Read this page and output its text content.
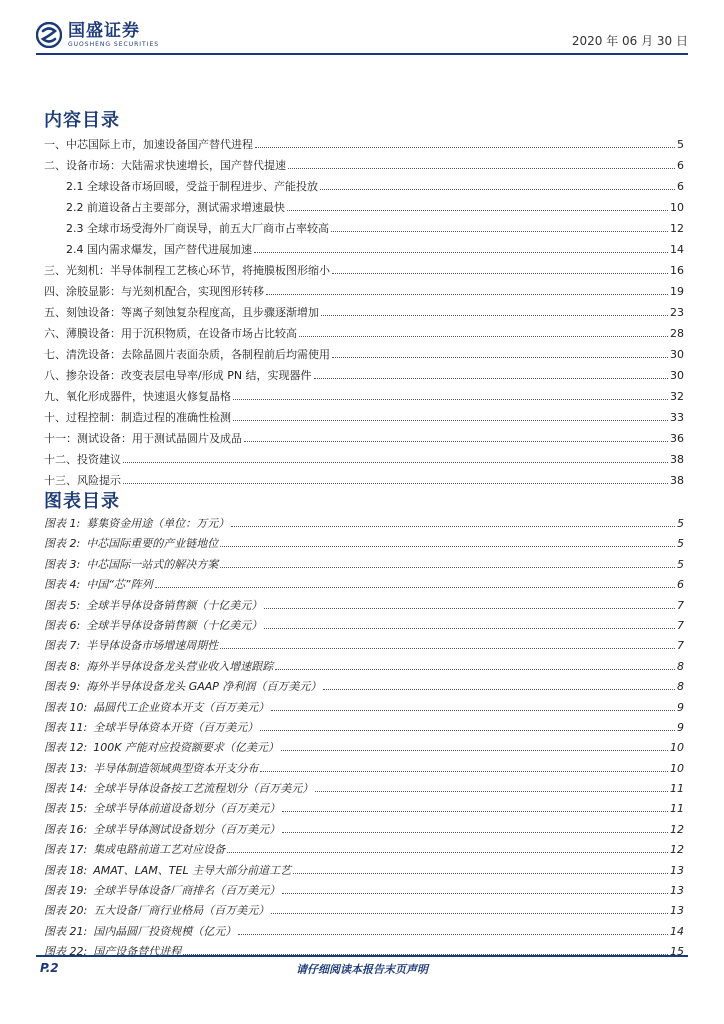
国盛证券
GUOSHENG SECURITIES	2020 年 06 月 30 日
内容目录
一、中芯国际上市，加速设备国产替代进程	5
二、设备市场：大陆需求快速增长，国产替代提速	6
2.1 全球设备市场回暖，受益于制程进步、产能投放	6
2.2 前道设备占主要部分，测试需求增速最快	10
2.3 全球市场受海外厂商误导，前五大厂商市占率较高	12
2.4 国内需求爆发，国产替代进展加速	14
三、光刻机：半导体制程工艺核心环节，将掩膜板图形缩小	16
四、涂胶显影：与光刻机配合，实现图形转移	19
五、刻蚀设备：等离子刻蚀复杂程度高，且步骤逐渐增加	23
六、薄膜设备：用于沉积物质，在设备市场占比较高	28
七、清洗设备：去除晶圆片表面杂质，各制程前后均需使用	30
八、掺杂设备：改变表层电导率/形成 PN 结，实现器件	30
九、氧化形成器件，快速退火修复晶格	32
十、过程控制：制造过程的准确性检测	33
十一：测试设备：用于测试晶圆片及成品	36
十二、投资建议	38
十三、风险提示	38
图表目录
图表 1: 募集资金用途（单位：万元）	5
图表 2: 中芯国际重要的产业链地位	5
图表 3: 中芯国际一站式的解决方案	5
图表 4: 中国“芯”阵列	6
图表 5: 全球半导体设备销售额（十亿美元）	7
图表 6: 全球半导体设备销售额（十亿美元）	7
图表 7: 半导体设备市场增速周期性	7
图表 8: 海外半导体设备龙头营业收入增速跟踪	8
图表 9: 海外半导体设备龙头 GAAP 净利润（百万美元）	8
图表 10: 晶圆代工企业资本开支（百万美元）	9
图表 11: 全球半导体资本开资（百万美元）	9
图表 12: 100K 产能对应投资额要求（亿美元）	10
图表 13: 半导体制造领域典型资本开支分布	10
图表 14: 全球半导体设备按工艺流程划分（百万美元）	11
图表 15: 全球半导体前道设备划分（百万美元）	11
图表 16: 全球半导体测试设备划分（百万美元）	12
图表 17: 集成电路前道工艺对应设备	12
图表 18: AMAT、LAM、TEL 主导大部分前道工艺	13
图表 19: 全球半导体设备厂商排名（百万美元）	13
图表 20: 五大设备厂商行业格局（百万美元）	13
图表 21: 国内晶圆厂投资规模（亿元）	14
图表 22: 国产设备替代进程	15
P.2	请仔细阅读本报告末页声明
